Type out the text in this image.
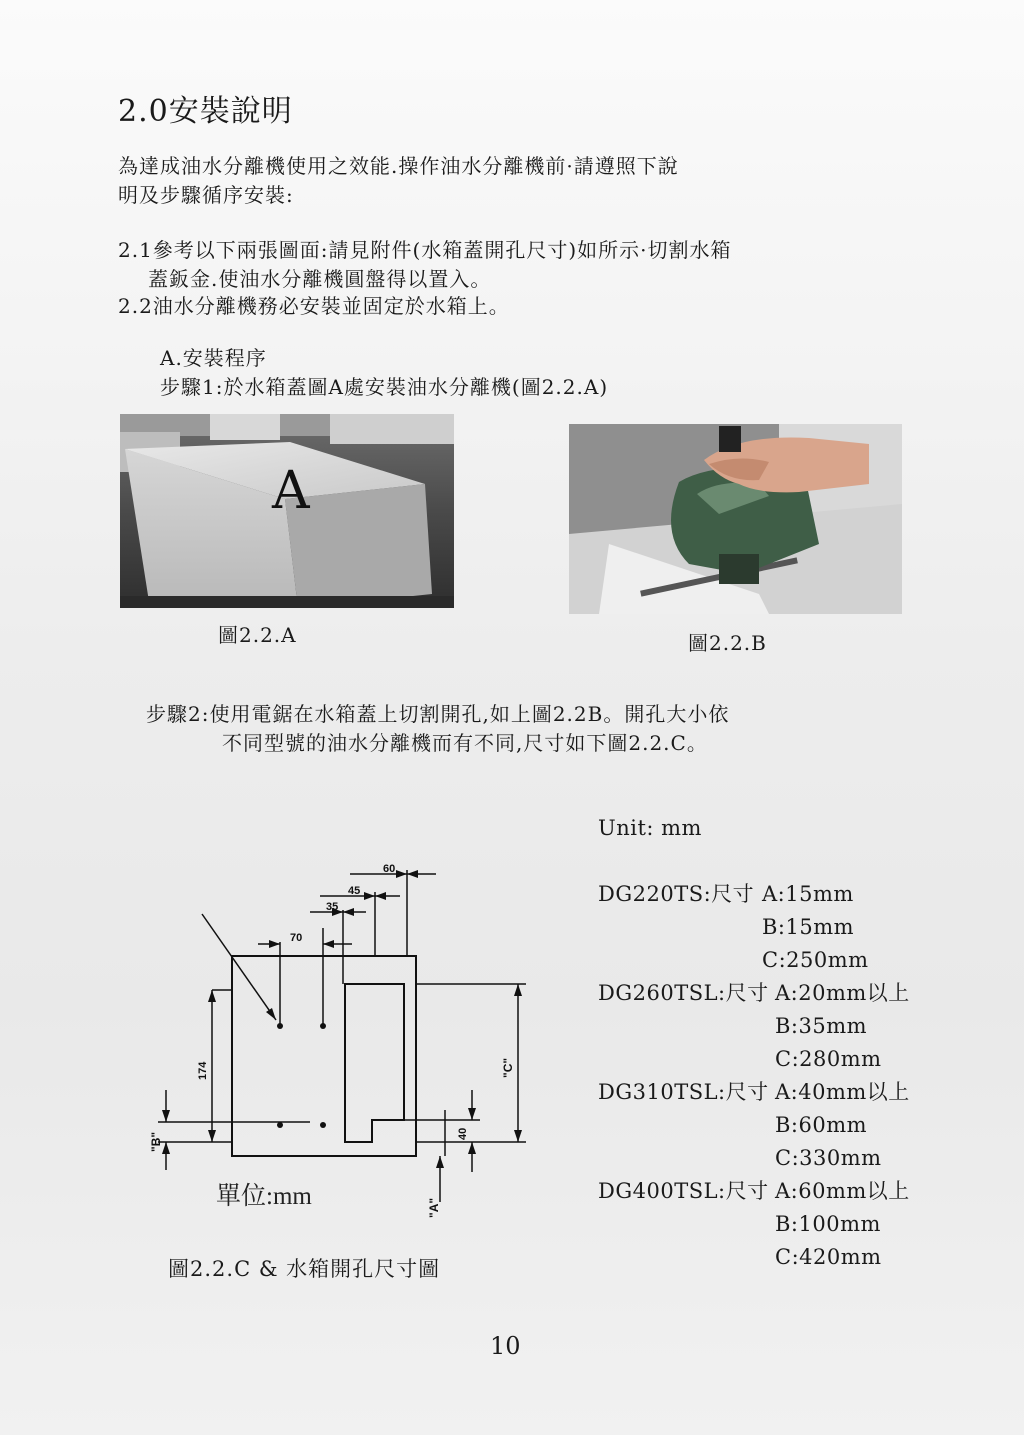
2.0安裝說明
為達成油水分離機使用之效能.操作油水分離機前·請遵照下說
明及步驟循序安裝:
2.1參考以下兩張圖面:請見附件(水箱蓋開孔尺寸)如所示·切割水箱
蓋鈑金.使油水分離機圓盤得以置入。
2.2油水分離機務必安裝並固定於水箱上。
A.安裝程序
步驟1:於水箱蓋圖A處安裝油水分離機(圖2.2.A)
A
圖2.2.A	圖2.2.B
步驟2:使用電鋸在水箱蓋上切割開孔,如上圖2.2B。開孔大小依
不同型號的油水分離機而有不同,尺寸如下圖2.2.C。
60
45
35
70
174	"C"
"B"	40
"A"
單位:mm
圖2.2.C & 水箱開孔尺寸圖
Unit: mm
DG220TS:尺寸 A:15mm
B:15mm
C:250mm
DG260TSL:尺寸 A:20mm以上
B:35mm
C:280mm
DG310TSL:尺寸 A:40mm以上
B:60mm
C:330mm
DG400TSL:尺寸 A:60mm以上
B:100mm
C:420mm
10
